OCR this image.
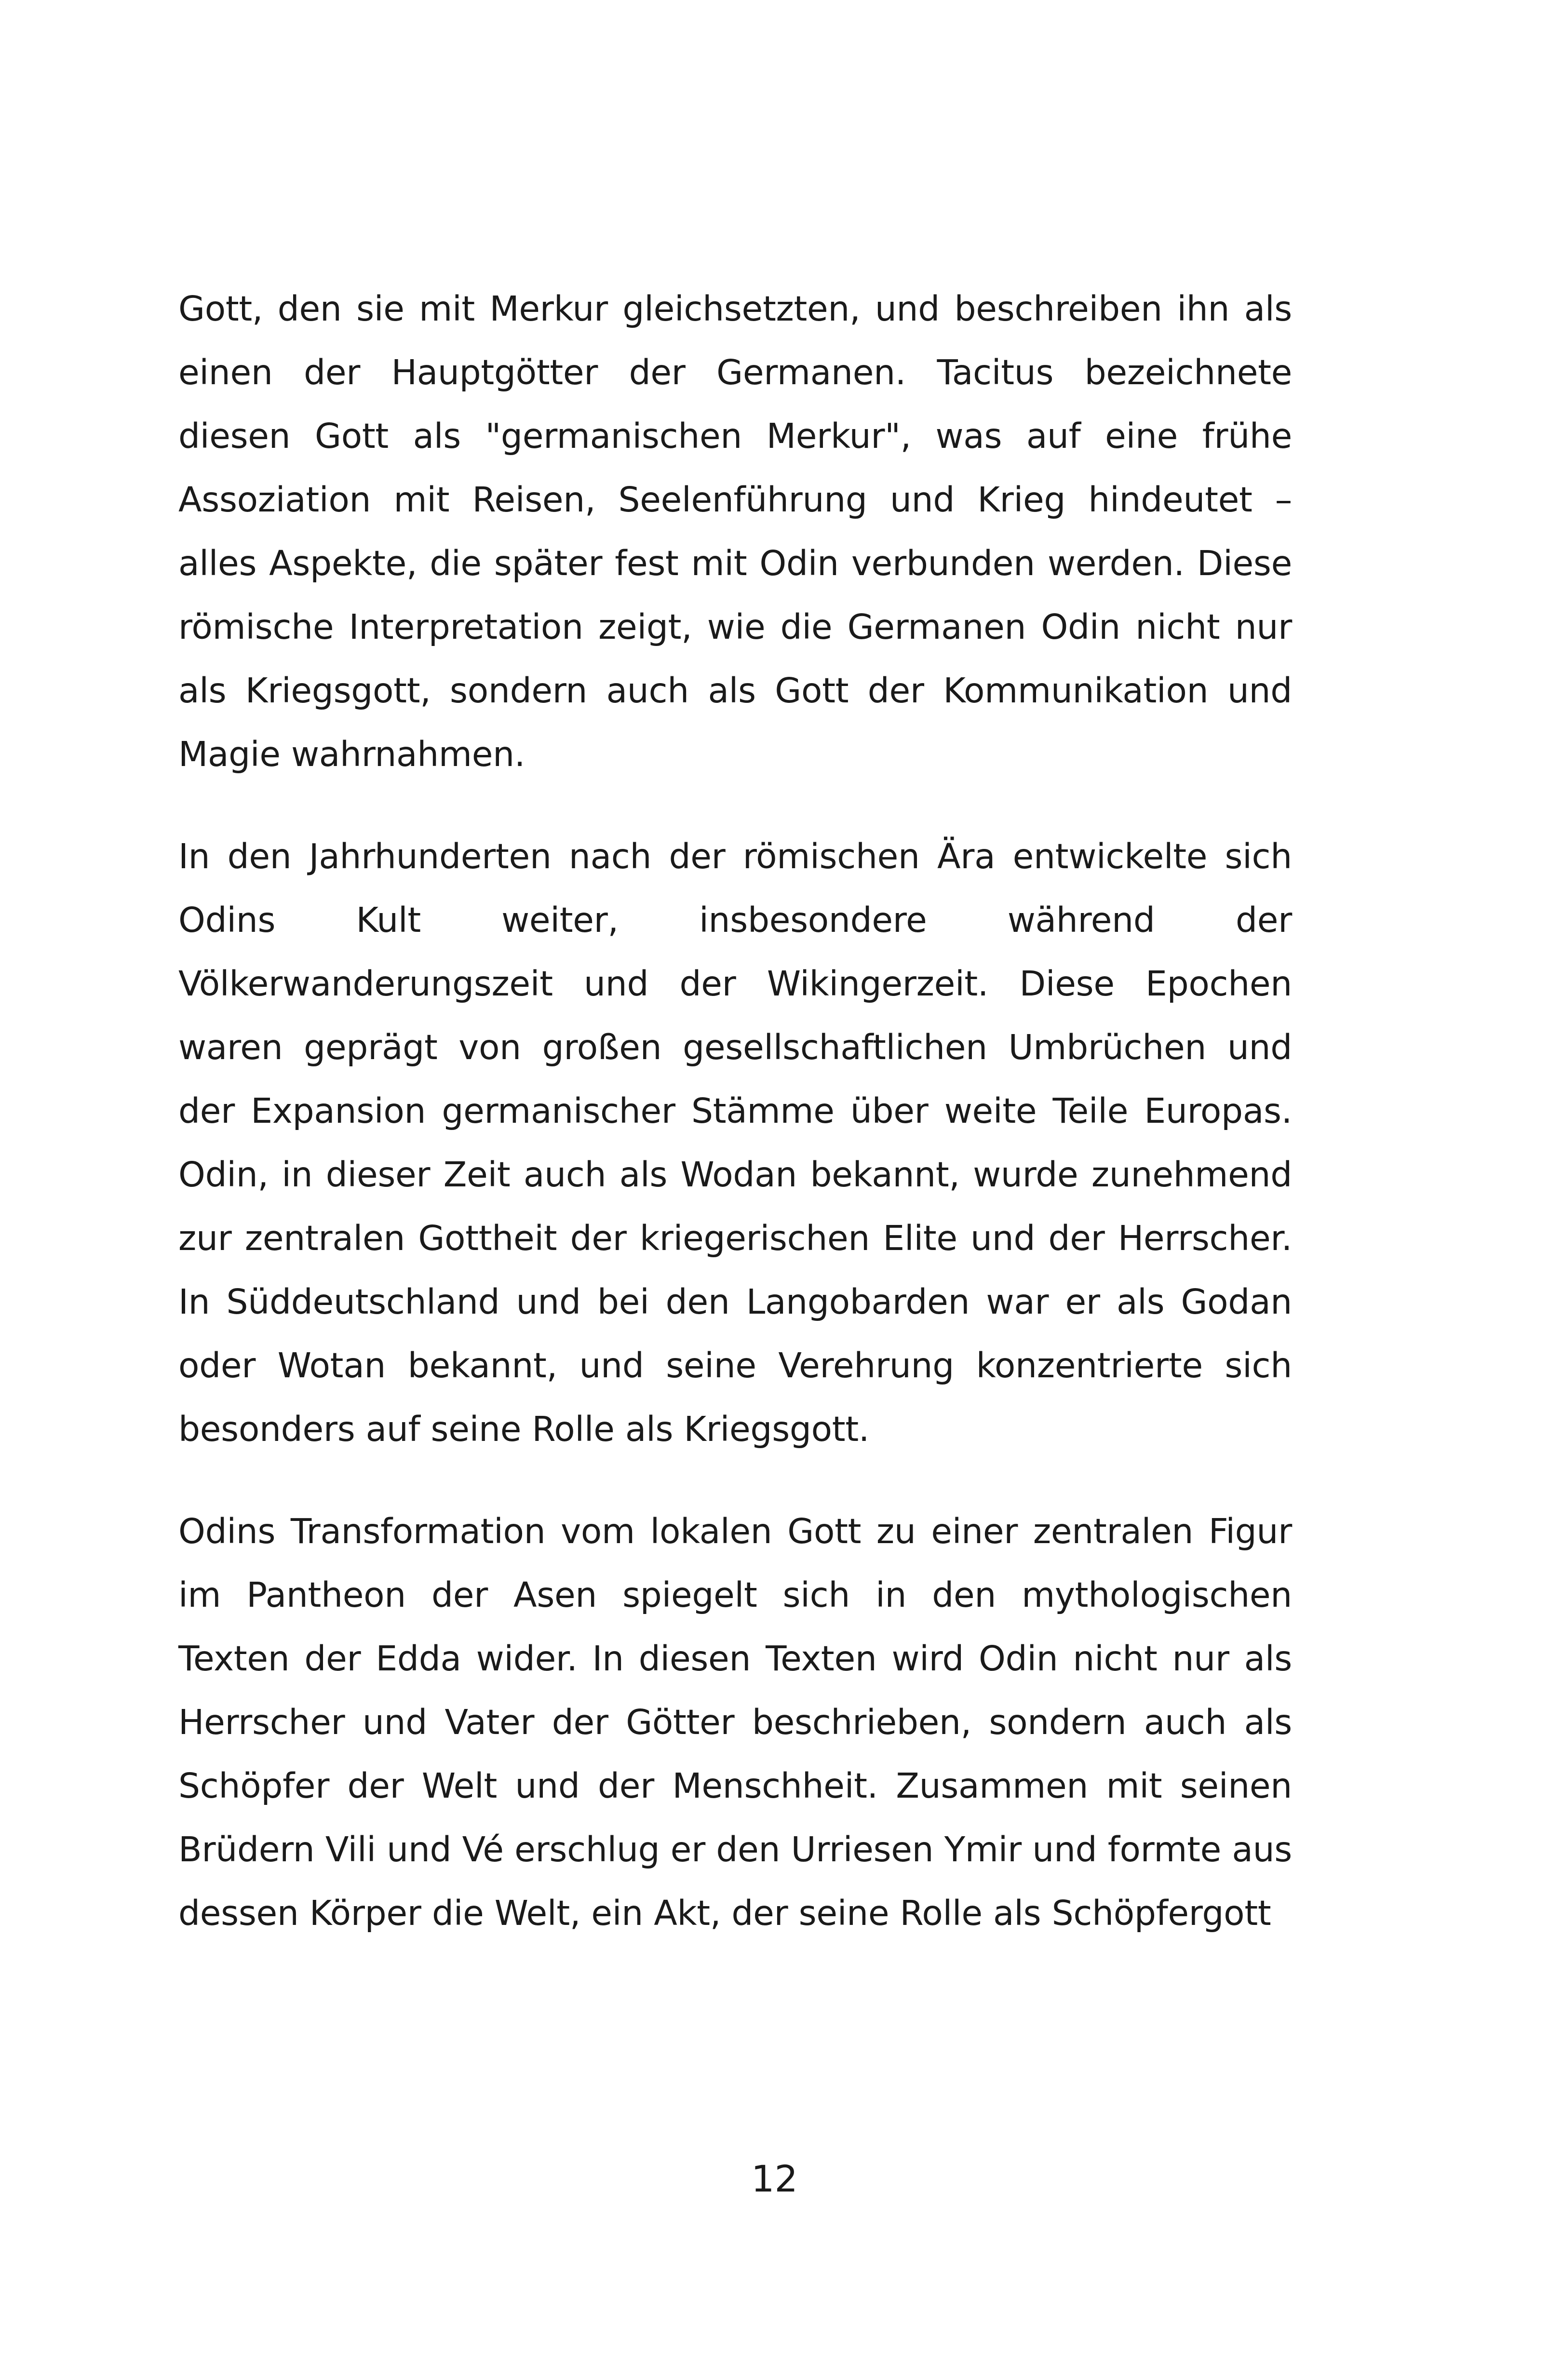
Gott, den sie mit Merkur gleichsetzten, und beschreiben ihn als einen der Hauptgötter der Germanen. Tacitus bezeichnete diesen Gott als "germanischen Merkur", was auf eine frühe Assoziation mit Reisen, Seelenführung und Krieg hindeutet – alles Aspekte, die später fest mit Odin verbunden werden. Diese römische Interpretation zeigt, wie die Germanen Odin nicht nur als Kriegsgott, sondern auch als Gott der Kommunikation und Magie wahrnahmen.

In den Jahrhunderten nach der römischen Ära entwickelte sich Odins Kult weiter, insbesondere während der Völkerwanderungszeit und der Wikingerzeit. Diese Epochen waren geprägt von großen gesellschaftlichen Umbrüchen und der Expansion germanischer Stämme über weite Teile Europas. Odin, in dieser Zeit auch als Wodan bekannt, wurde zunehmend zur zentralen Gottheit der kriegerischen Elite und der Herrscher. In Süddeutschland und bei den Langobarden war er als Godan oder Wotan bekannt, und seine Verehrung konzentrierte sich besonders auf seine Rolle als Kriegsgott.

Odins Transformation vom lokalen Gott zu einer zentralen Figur im Pantheon der Asen spiegelt sich in den mythologischen Texten der Edda wider. In diesen Texten wird Odin nicht nur als Herrscher und Vater der Götter beschrieben, sondern auch als Schöpfer der Welt und der Menschheit. Zusammen mit seinen Brüdern Vili und Vé erschlug er den Urriesen Ymir und formte aus dessen Körper die Welt, ein Akt, der seine Rolle als Schöpfergott

12
